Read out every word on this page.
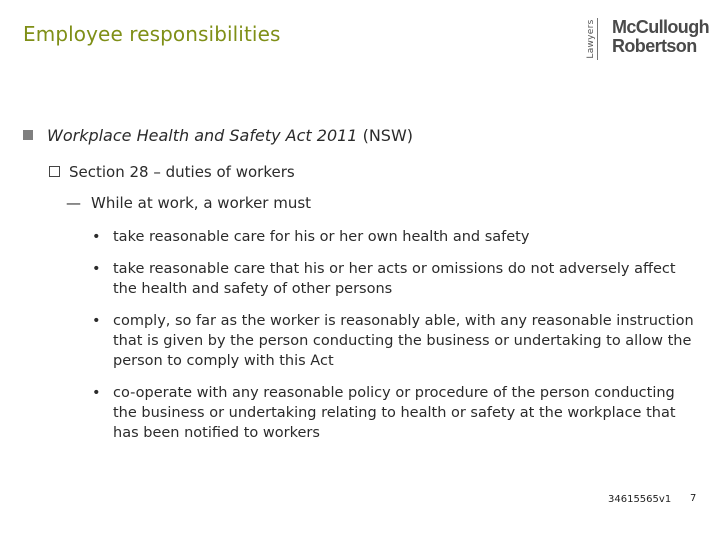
Employee responsibilities	Lawyers McCullough
Robertson
Workplace Health and Safety Act 2011 (NSW)
Section 28 – duties of workers
— While at work, a worker must
• take reasonable care for his or her own health and safety
• take reasonable care that his or her acts or omissions do not adversely affect the health and safety of other persons
• comply, so far as the worker is reasonably able, with any reasonable instruction that is given by the person conducting the business or undertaking to allow the person to comply with this Act
• co-operate with any reasonable policy or procedure of the person conducting the business or undertaking relating to health or safety at the workplace that has been notified to workers
34615565v1 7
